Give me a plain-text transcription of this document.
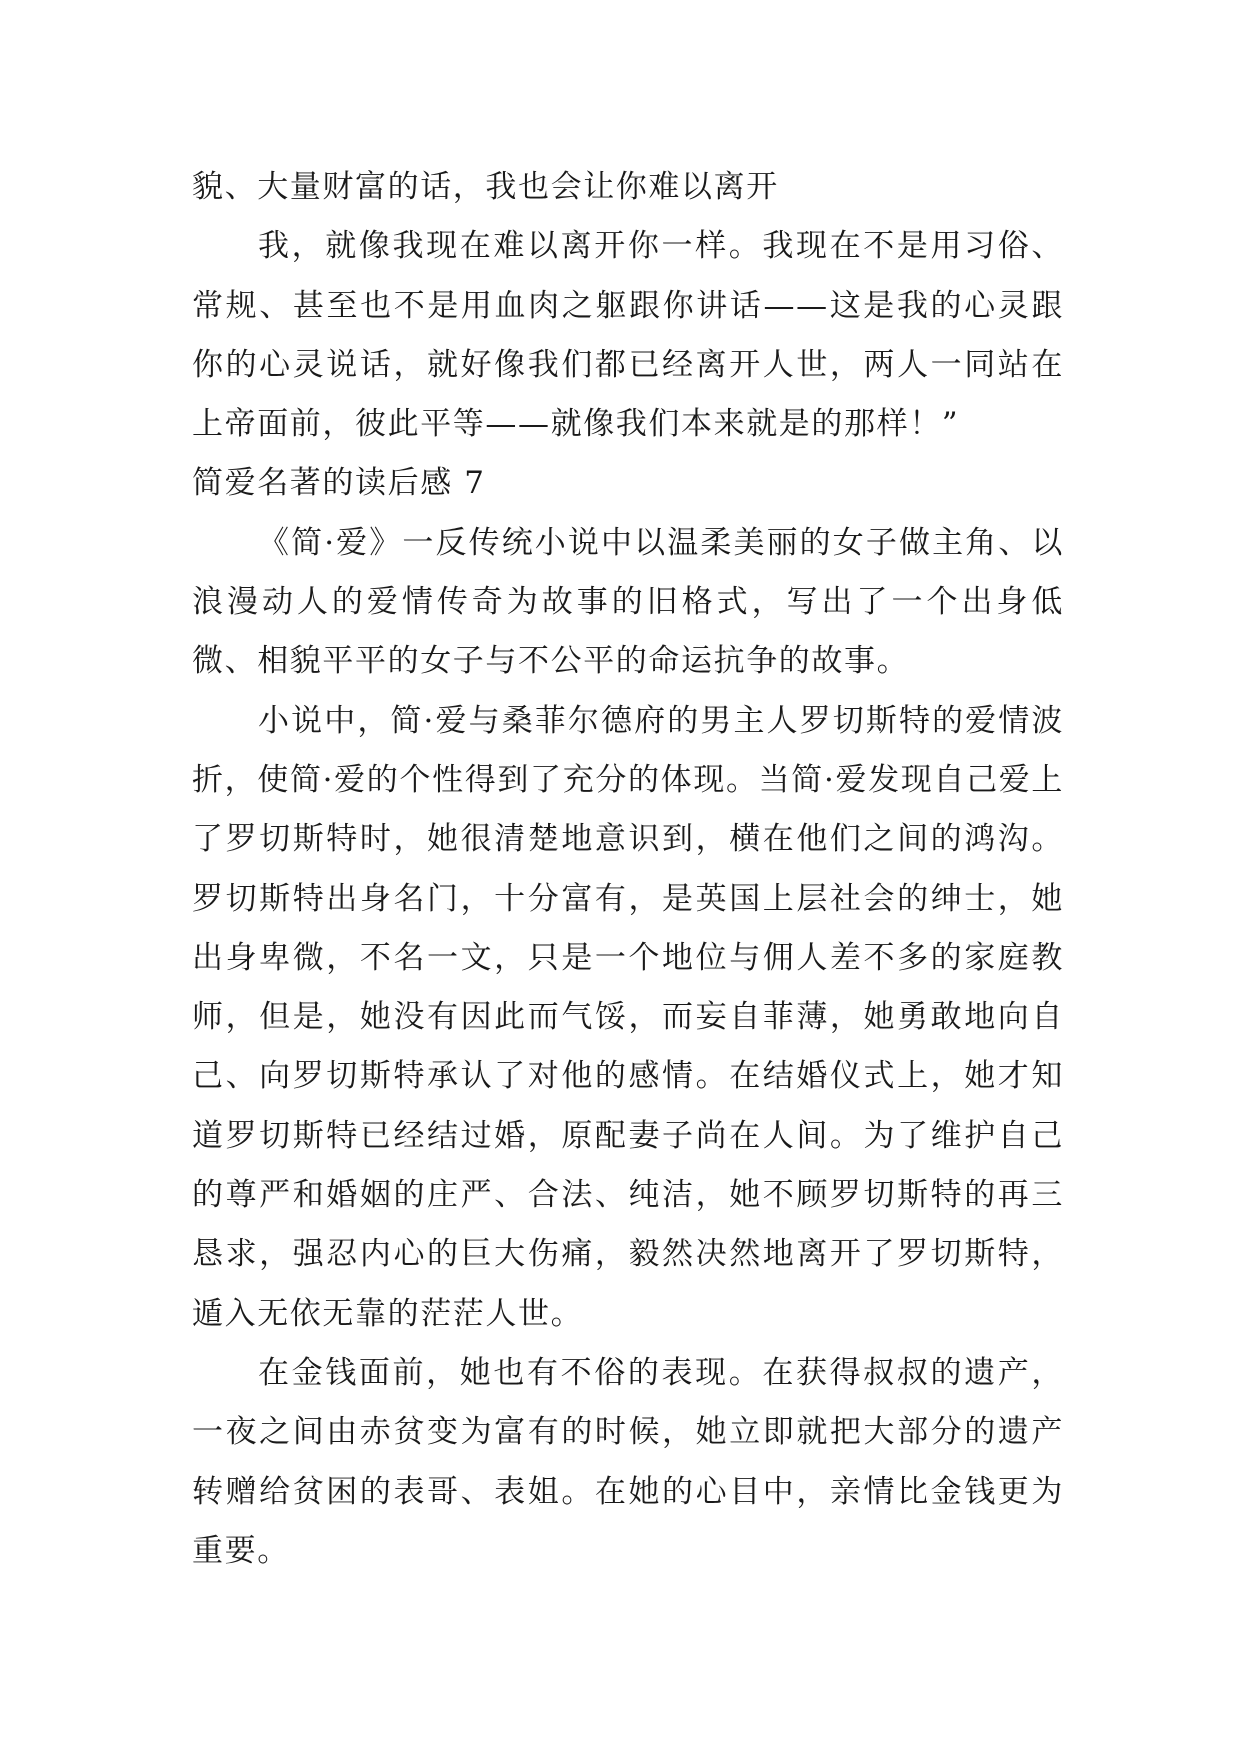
貌、大量财富的话，我也会让你难以离开

我，就像我现在难以离开你一样。我现在不是用习俗、常规、甚至也不是用血肉之躯跟你讲话——这是我的心灵跟你的心灵说话，就好像我们都已经离开人世，两人一同站在上帝面前，彼此平等——就像我们本来就是的那样！”

简爱名著的读后感 7

《简·爱》一反传统小说中以温柔美丽的女子做主角、以浪漫动人的爱情传奇为故事的旧格式，写出了一个出身低微、相貌平平的女子与不公平的命运抗争的故事。

小说中，简·爱与桑菲尔德府的男主人罗切斯特的爱情波折，使简·爱的个性得到了充分的体现。当简·爱发现自己爱上了罗切斯特时，她很清楚地意识到，横在他们之间的鸿沟。罗切斯特出身名门，十分富有，是英国上层社会的绅士，她出身卑微，不名一文，只是一个地位与佣人差不多的家庭教师，但是，她没有因此而气馁，而妄自菲薄，她勇敢地向自己、向罗切斯特承认了对他的感情。在结婚仪式上，她才知道罗切斯特已经结过婚，原配妻子尚在人间。为了维护自己的尊严和婚姻的庄严、合法、纯洁，她不顾罗切斯特的再三恳求，强忍内心的巨大伤痛，毅然决然地离开了罗切斯特，遁入无依无靠的茫茫人世。

在金钱面前，她也有不俗的表现。在获得叔叔的遗产，一夜之间由赤贫变为富有的时候，她立即就把大部分的遗产转赠给贫困的表哥、表姐。在她的心目中，亲情比金钱更为重要。
